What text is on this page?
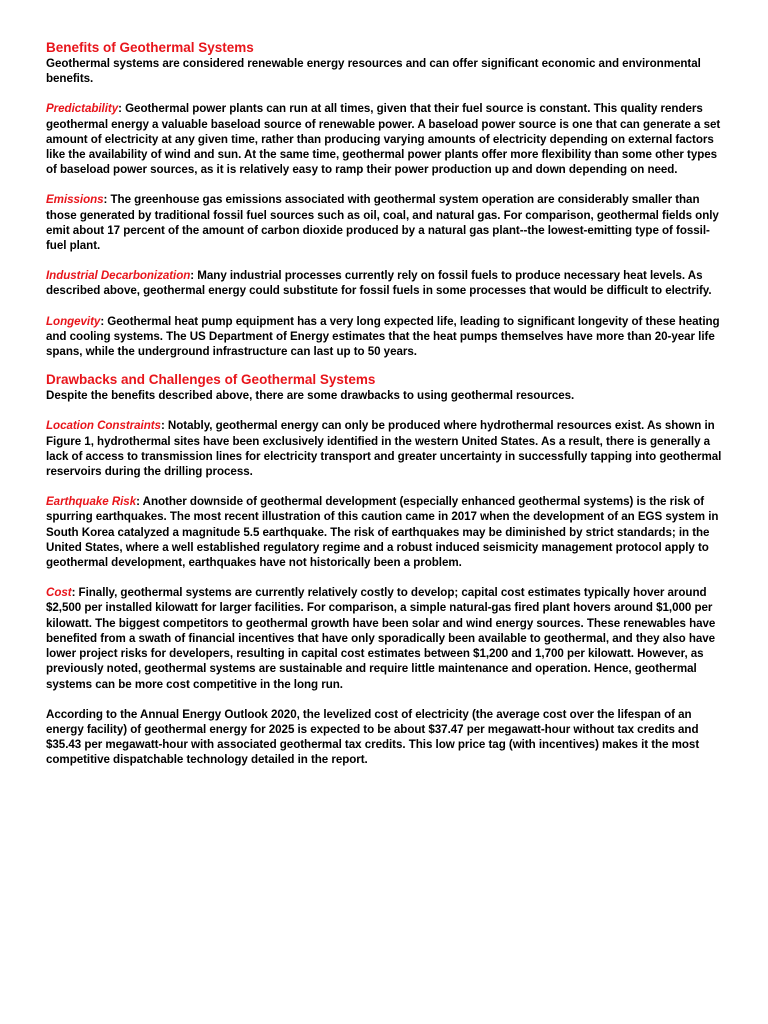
Benefits of Geothermal Systems

Geothermal systems are considered renewable energy resources and can offer significant economic and environmental benefits.

Predictability: Geothermal power plants can run at all times, given that their fuel source is constant. This quality renders geothermal energy a valuable baseload source of renewable power. A baseload power source is one that can generate a set amount of electricity at any given time, rather than producing varying amounts of electricity depending on external factors like the availability of wind and sun. At the same time, geothermal power plants offer more flexibility than some other types of baseload power sources, as it is relatively easy to ramp their power production up and down depending on need.

Emissions: The greenhouse gas emissions associated with geothermal system operation are considerably smaller than those generated by traditional fossil fuel sources such as oil, coal, and natural gas. For comparison, geothermal fields only emit about 17 percent of the amount of carbon dioxide produced by a natural gas plant--the lowest-emitting type of fossil-fuel plant.

Industrial Decarbonization: Many industrial processes currently rely on fossil fuels to produce necessary heat levels. As described above, geothermal energy could substitute for fossil fuels in some processes that would be difficult to electrify.

Longevity: Geothermal heat pump equipment has a very long expected life, leading to significant longevity of these heating and cooling systems. The US Department of Energy estimates that the heat pumps themselves have more than 20-year life spans, while the underground infrastructure can last up to 50 years.

Drawbacks and Challenges of Geothermal Systems

Despite the benefits described above, there are some drawbacks to using geothermal resources.

Location Constraints: Notably, geothermal energy can only be produced where hydrothermal resources exist. As shown in Figure 1, hydrothermal sites have been exclusively identified in the western United States. As a result, there is generally a lack of access to transmission lines for electricity transport and greater uncertainty in successfully tapping into geothermal reservoirs during the drilling process.

Earthquake Risk: Another downside of geothermal development (especially enhanced geothermal systems) is the risk of spurring earthquakes. The most recent illustration of this caution came in 2017 when the development of an EGS system in South Korea catalyzed a magnitude 5.5 earthquake. The risk of earthquakes may be diminished by strict standards; in the United States, where a well established regulatory regime and a robust induced seismicity management protocol apply to geothermal development, earthquakes have not historically been a problem.

Cost: Finally, geothermal systems are currently relatively costly to develop; capital cost estimates typically hover around $2,500 per installed kilowatt for larger facilities. For comparison, a simple natural-gas fired plant hovers around $1,000 per kilowatt. The biggest competitors to geothermal growth have been solar and wind energy sources. These renewables have benefited from a swath of financial incentives that have only sporadically been available to geothermal, and they also have lower project risks for developers, resulting in capital cost estimates between $1,200 and 1,700 per kilowatt. However, as previously noted, geothermal systems are sustainable and require little maintenance and operation. Hence, geothermal systems can be more cost competitive in the long run.

According to the Annual Energy Outlook 2020, the levelized cost of electricity (the average cost over the lifespan of an energy facility) of geothermal energy for 2025 is expected to be about $37.47 per megawatt-hour without tax credits and $35.43 per megawatt-hour with associated geothermal tax credits. This low price tag (with incentives) makes it the most competitive dispatchable technology detailed in the report.
